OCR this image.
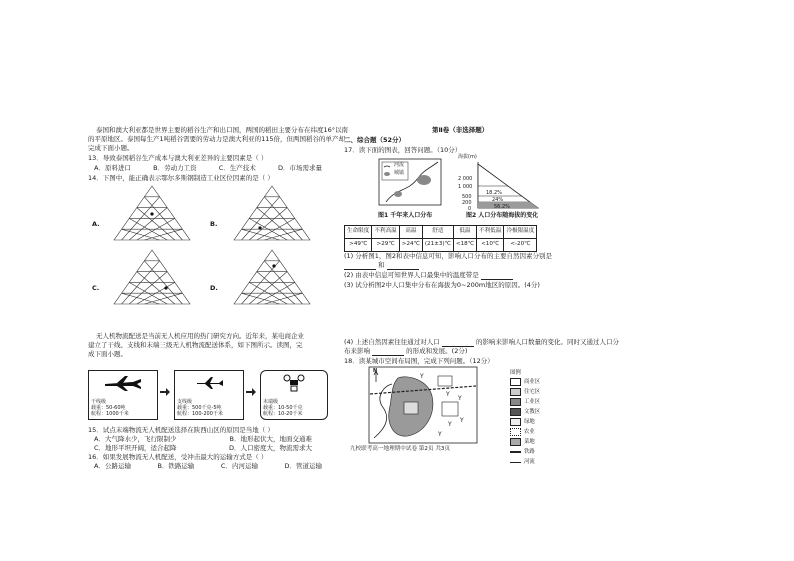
泰国和澳大利亚都是世界主要的稻谷生产和出口国，两国的稻田主要分布在纬度16°以南
的平原地区。泰国每生产1吨稻谷需要的劳动力是澳大利亚的115倍，但两国稻谷的单产却
完成下面小题。
13．导致泰国稻谷生产成本与澳大利亚差异的主要因素是（ ）
A．原料进口	B．劳动力工资	C．生产技术	D．市场需求量
14．下图中，能正确表示鄂尔多斯钢制造工业区位因素的是（ ）
A.	B.
C.	D.
无人机物流配送是当前无人机应用的热门研究方向。近年来，某电商企业
建立了干线、支线和末端三级无人机物流配送体系，如下图所示。读图，完
成下面小题。
干线级
载重：50-60吨
航程：1000千米
支线级
载重：500千克-5吨
航程：100-200千米
末端级
载重：10-50千克
航程：10-20千米
15．试点末端物流无人机配送选择在陕西山区的原因是当地（ ）
A．大气降水少，飞行限制少	B．地形起伏大，地面交通难
C．地形平坦开阔，适合起降	D．人口密度大，物流需求大
第Ⅱ卷（非选择题）
二、综合题（52分）
17．读下面的图表，回答问题。（10分）
河流
城镇
图1 千年来人口分布
海拔(m)
2 000
1 000
500
200
0
18.2%
24%
56.2%
图2 人口分布随海拔的变化
生命限度	不利高温	高温	舒适	低温	不利低温	冷极限温度
>49℃	>29℃	>24℃	(21±3)℃	<18℃	<10℃	<-20℃
(1) 分析图1，图2和表中信息可知，影响人口分布的主要自然因素分别是
和
(2) 由表中信息可知世界人口最集中的温度带是
(3) 试分析图2中人口集中分布在海拔为0~200m地区的原因。(4分)
(4) 上述自然因素往往通过对人口	的影响来影响人口数量的变化。同时又通过人口分
布来影响	的形成和发展。(2分)
18．读某城市空间布局图，完成下列问题。（12分）
Y
Y
Y
Y
Y
Y
N	图例
商业区
住宅区
工业区
文教区
绿地
农业
菜地
铁路
河流
九校联考高一地理期中试卷 第2页 共3页
16．如果发展物流无人机配送，受冲击最大的运输方式是（ ）
A．公路运输	B．铁路运输	C．内河运输	D．管道运输
